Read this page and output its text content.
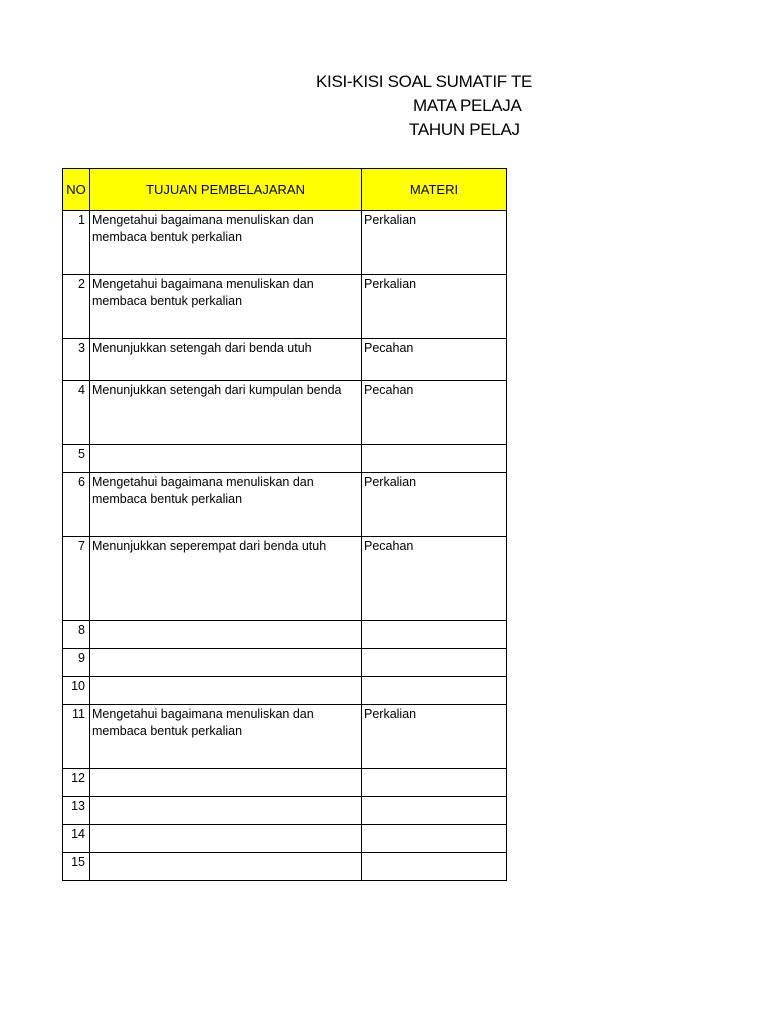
KISI-KISI SOAL SUMATIF TE
MATA PELAJA
TAHUN PELAJ
NO	TUJUAN PEMBELAJARAN	MATERI
1	Mengetahui bagaimana menuliskan dan membaca bentuk perkalian	Perkalian
2	Mengetahui bagaimana menuliskan dan membaca bentuk perkalian	Perkalian
3	Menunjukkan setengah dari benda utuh	Pecahan
4	Menunjukkan setengah dari kumpulan benda	Pecahan
5		
6	Mengetahui bagaimana menuliskan dan membaca bentuk perkalian	Perkalian
7	Menunjukkan seperempat dari benda utuh	Pecahan
8		
9		
10		
11	Mengetahui bagaimana menuliskan dan membaca bentuk perkalian	Perkalian
12		
13		
14		
15		
